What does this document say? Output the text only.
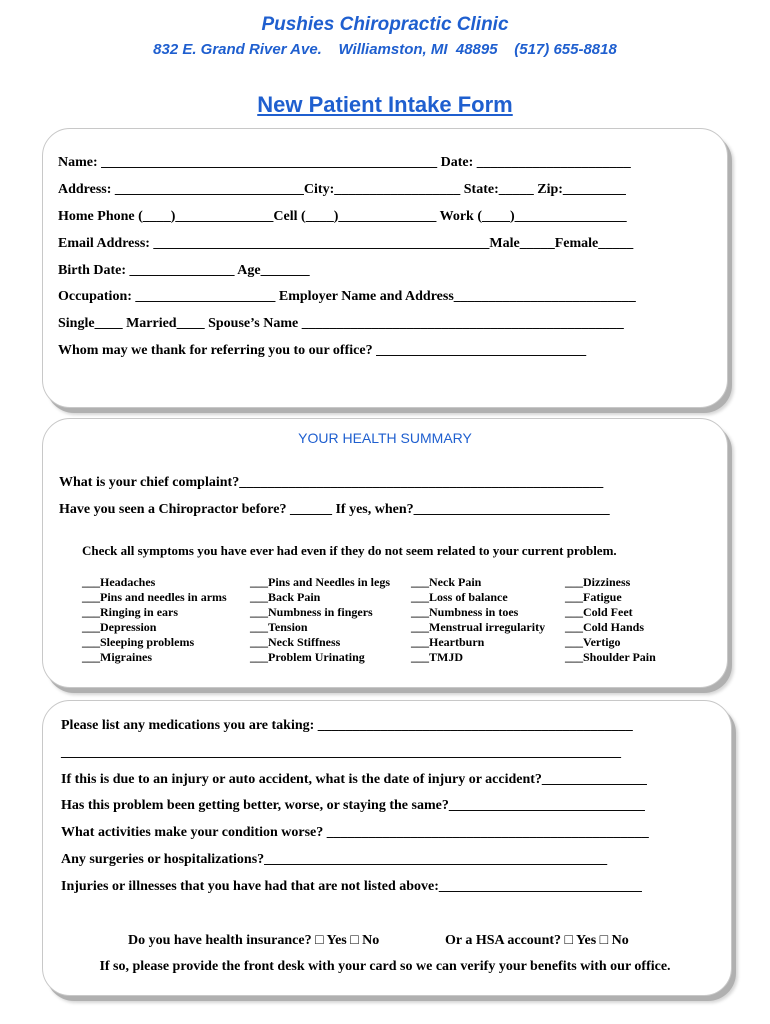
Pushies Chiropractic Clinic
832 E. Grand River Ave.    Williamston, MI  48895    (517) 655-8818
New Patient Intake Form
Name: ________________________________________________ Date: ______________________
Address: ___________________________City:__________________ State:_____ Zip:_________
Home Phone (____)______________Cell (____)______________ Work (____)________________
Email Address: ________________________________________________Male_____Female_____
Birth Date: _______________ Age_______
Occupation: ____________________ Employer Name and Address__________________________
Single____ Married____ Spouse’s Name ______________________________________________
Whom may we thank for referring you to our office? ______________________________
YOUR HEALTH SUMMARY
What is your chief complaint?____________________________________________________
Have you seen a Chiropractor before? ______ If yes, when?____________________________
Check all symptoms you have ever had even if they do not seem related to your current problem.
___Headaches
___Pins and needles in arms
___Ringing in ears
___Depression
___Sleeping problems
___Migraines
___Pins and Needles in legs
___Back Pain
___Numbness in fingers
___Tension
___Neck Stiffness
___Problem Urinating
___Neck Pain
___Loss of balance
___Numbness in toes
___Menstrual irregularity
___Heartburn
___TMJD
___Dizziness
___Fatigue
___Cold Feet
___Cold Hands
___Vertigo
___Shoulder Pain
Please list any medications you are taking: _____________________________________________
________________________________________________________________________________
If this is due to an injury or auto accident, what is the date of injury or accident?_______________
Has this problem been getting better, worse, or staying the same?____________________________
What activities make your condition worse? ______________________________________________
Any surgeries or hospitalizations?_________________________________________________
Injuries or illnesses that you have had that are not listed above:_____________________________
Do you have health insurance? □ Yes □ No	Or a HSA account? □ Yes □ No
If so, please provide the front desk with your card so we can verify your benefits with our office.
